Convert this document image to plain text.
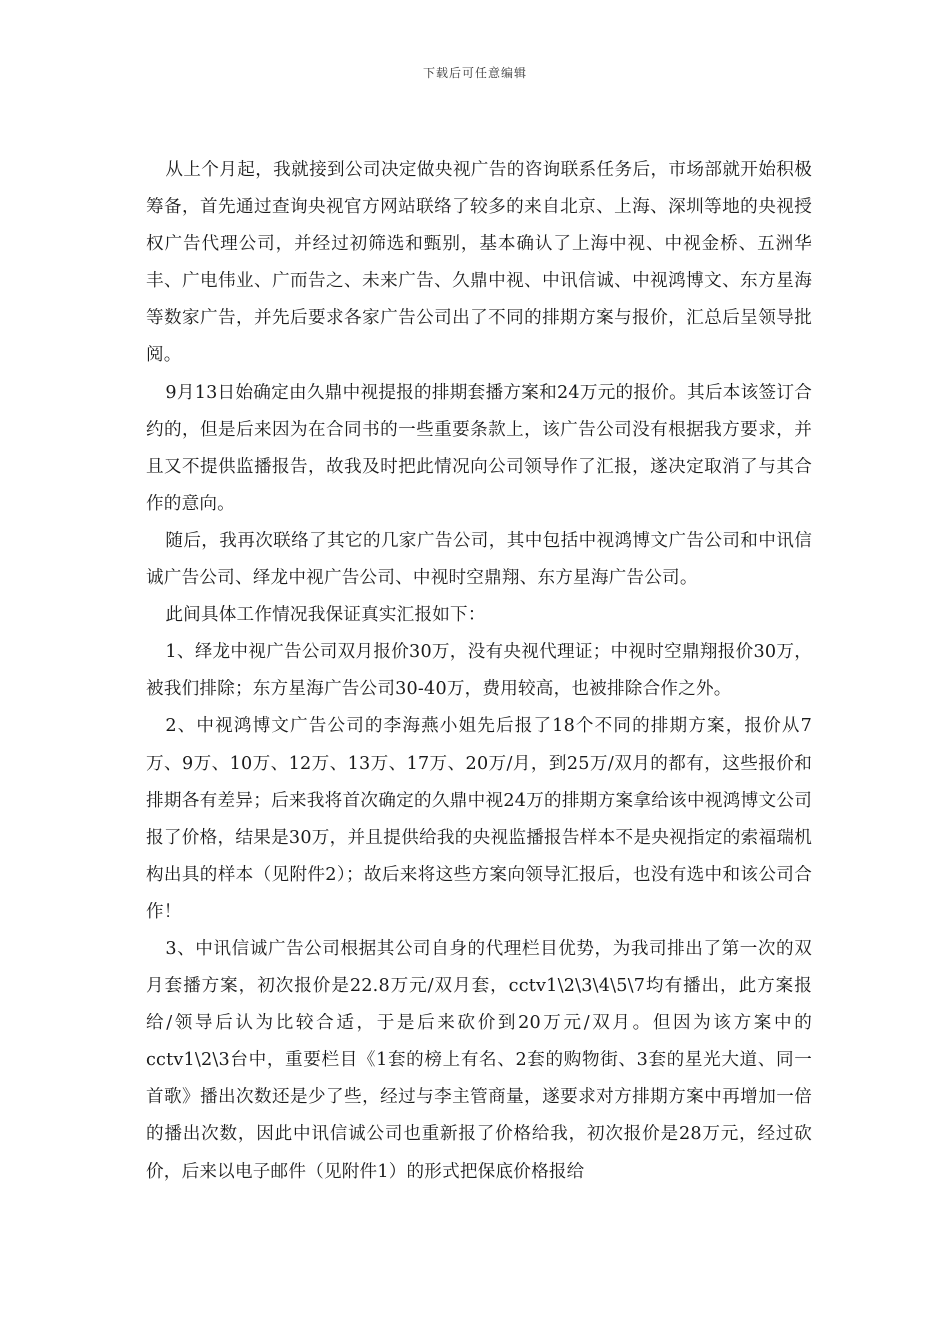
下载后可任意编辑

从上个月起，我就接到公司决定做央视广告的咨询联系任务后，市场部就开始积极筹备，首先通过查询央视官方网站联络了较多的来自北京、上海、深圳等地的央视授权广告代理公司，并经过初筛选和甄别，基本确认了上海中视、中视金桥、五洲华丰、广电伟业、广而告之、未来广告、久鼎中视、中讯信诚、中视鸿博文、东方星海等数家广告，并先后要求各家广告公司出了不同的排期方案与报价，汇总后呈领导批阅。

9月13日始确定由久鼎中视提报的排期套播方案和24万元的报价。其后本该签订合约的，但是后来因为在合同书的一些重要条款上，该广告公司没有根据我方要求，并且又不提供监播报告，故我及时把此情况向公司领导作了汇报，遂决定取消了与其合作的意向。

随后，我再次联络了其它的几家广告公司，其中包括中视鸿博文广告公司和中讯信诚广告公司、绎龙中视广告公司、中视时空鼎翔、东方星海广告公司。

此间具体工作情况我保证真实汇报如下：

1、绎龙中视广告公司双月报价30万，没有央视代理证；中视时空鼎翔报价30万，被我们排除；东方星海广告公司30-40万，费用较高，也被排除合作之外。

2、中视鸿博文广告公司的李海燕小姐先后报了18个不同的排期方案，报价从7万、9万、10万、12万、13万、17万、20万/月，到25万/双月的都有，这些报价和排期各有差异；后来我将首次确定的久鼎中视24万的排期方案拿给该中视鸿博文公司报了价格，结果是30万，并且提供给我的央视监播报告样本不是央视指定的索福瑞机构出具的样本（见附件2）；故后来将这些方案向领导汇报后，也没有选中和该公司合作！

3、中讯信诚广告公司根据其公司自身的代理栏目优势，为我司排出了第一次的双月套播方案，初次报价是22.8万元/双月套，cctv1\2\3\4\5\7均有播出，此方案报给/领导后认为比较合适，于是后来砍价到20万元/双月。但因为该方案中的cctv1\2\3台中，重要栏目《1套的榜上有名、2套的购物街、3套的星光大道、同一首歌》播出次数还是少了些，经过与李主管商量，遂要求对方排期方案中再增加一倍的播出次数，因此中讯信诚公司也重新报了价格给我，初次报价是28万元，经过砍价，后来以电子邮件（见附件1）的形式把保底价格报给
